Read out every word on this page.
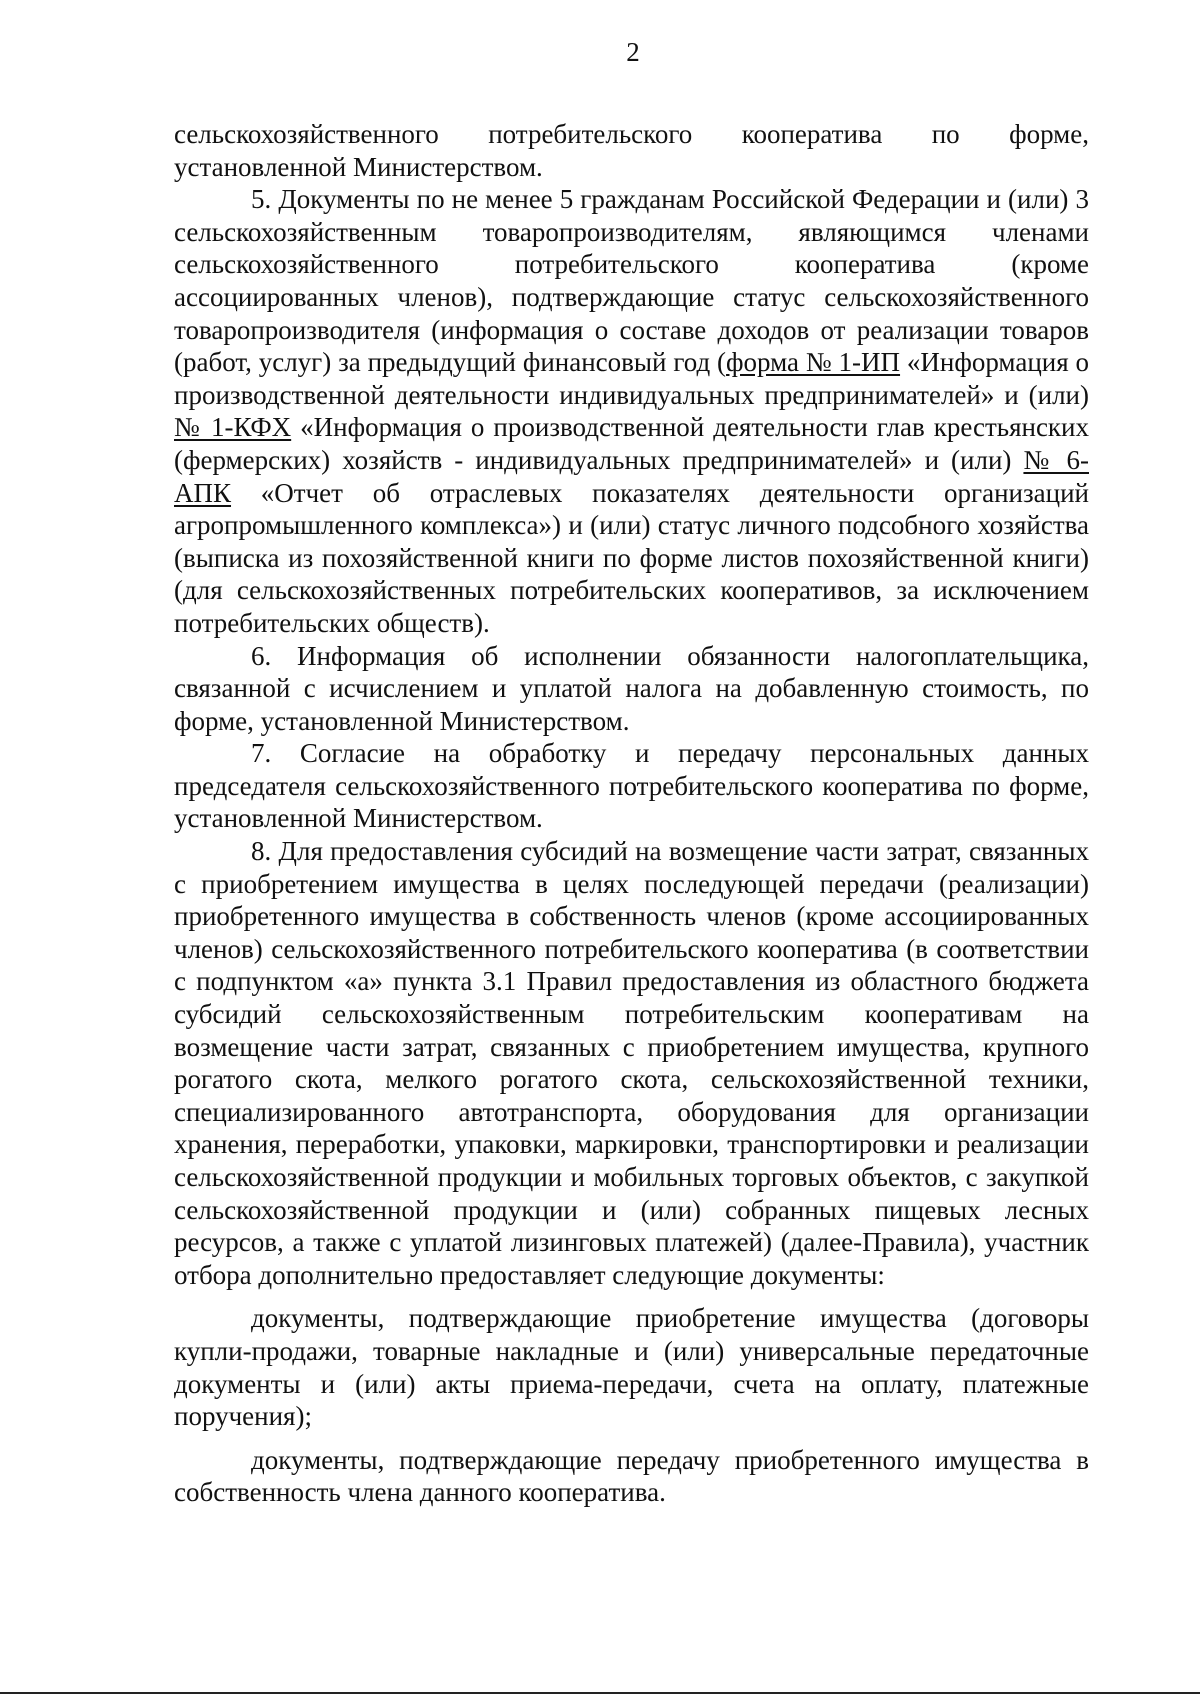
2

сельскохозяйственного потребительского кооператива по форме, установленной Министерством.

5. Документы по не менее 5 гражданам Российской Федерации и (или) 3 сельскохозяйственным товаропроизводителям, являющимся членами сельскохозяйственного потребительского кооператива (кроме ассоциированных членов), подтверждающие статус сельскохозяйственного товаропроизводителя (информация о составе доходов от реализации товаров (работ, услуг) за предыдущий финансовый год (форма № 1-ИП «Информация о производственной деятельности индивидуальных предпринимателей» и (или) № 1-КФХ «Информация о производственной деятельности глав крестьянских (фермерских) хозяйств - индивидуальных предпринимателей» и (или) № 6-АПК «Отчет об отраслевых показателях деятельности организаций агропромышленного комплекса») и (или) статус личного подсобного хозяйства (выписка из похозяйственной книги по форме листов похозяйственной книги) (для сельскохозяйственных потребительских кооперативов, за исключением потребительских обществ).

6. Информация об исполнении обязанности налогоплательщика, связанной с исчислением и уплатой налога на добавленную стоимость, по форме, установленной Министерством.

7. Согласие на обработку и передачу персональных данных председателя сельскохозяйственного потребительского кооператива по форме, установленной Министерством.

8. Для предоставления субсидий на возмещение части затрат, связанных с приобретением имущества в целях последующей передачи (реализации) приобретенного имущества в собственность членов (кроме ассоциированных членов) сельскохозяйственного потребительского кооператива (в соответствии с подпунктом «а» пункта 3.1 Правил предоставления из областного бюджета субсидий сельскохозяйственным потребительским кооперативам на возмещение части затрат, связанных с приобретением имущества, крупного рогатого скота, мелкого рогатого скота, сельскохозяйственной техники, специализированного автотранспорта, оборудования для организации хранения, переработки, упаковки, маркировки, транспортировки и реализации сельскохозяйственной продукции и мобильных торговых объектов, с закупкой сельскохозяйственной продукции и (или) собранных пищевых лесных ресурсов, а также с уплатой лизинговых платежей) (далее-Правила), участник отбора дополнительно предоставляет следующие документы:

документы, подтверждающие приобретение имущества (договоры купли-продажи, товарные накладные и (или) универсальные передаточные документы и (или) акты приема-передачи, счета на оплату, платежные поручения);

документы, подтверждающие передачу приобретенного имущества в собственность члена данного кооператива.
